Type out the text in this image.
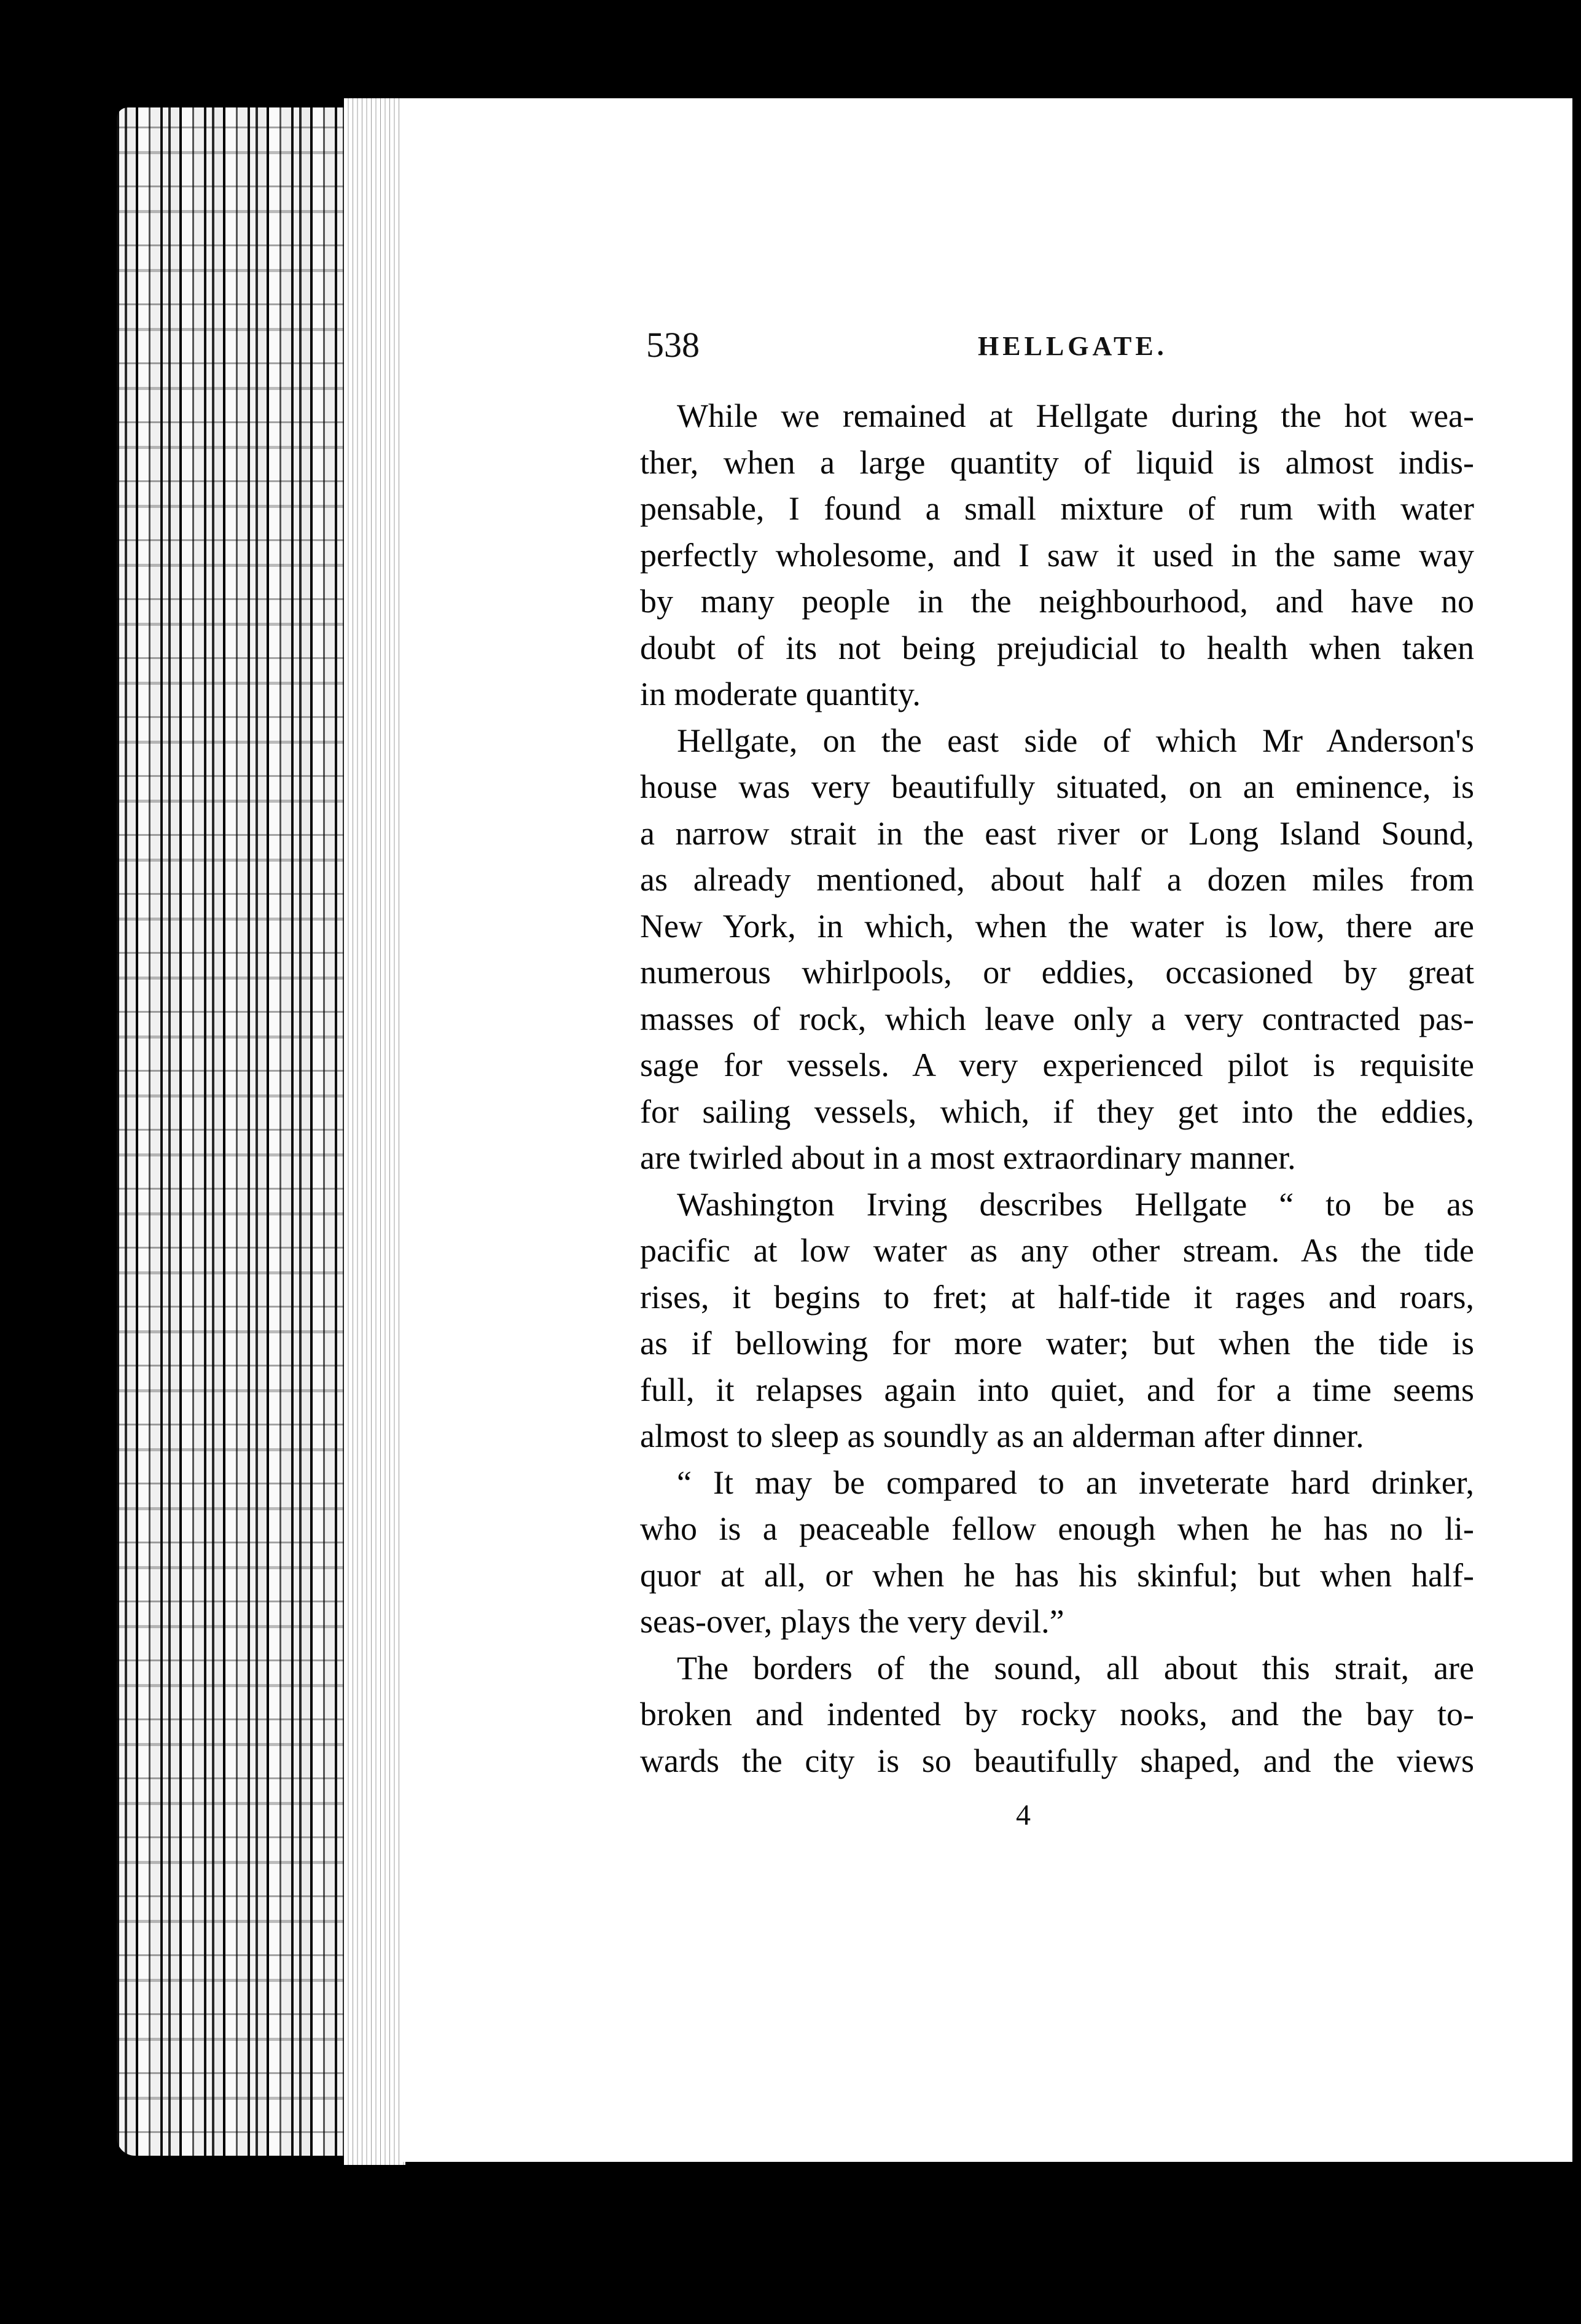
538	HELLGATE.
While we remained at Hellgate during the hot wea-
ther, when a large quantity of liquid is almost indis-
pensable, I found a small mixture of rum with water
perfectly wholesome, and I saw it used in the same way
by many people in the neighbourhood, and have no
doubt of its not being prejudicial to health when taken
in moderate quantity.
Hellgate, on the east side of which Mr Anderson's
house was very beautifully situated, on an eminence, is
a narrow strait in the east river or Long Island Sound,
as already mentioned, about half a dozen miles from
New York, in which, when the water is low, there are
numerous whirlpools, or eddies, occasioned by great
masses of rock, which leave only a very contracted pas-
sage for vessels. A very experienced pilot is requisite
for sailing vessels, which, if they get into the eddies,
are twirled about in a most extraordinary manner.
Washington Irving describes Hellgate “ to be as
pacific at low water as any other stream. As the tide
rises, it begins to fret; at half-tide it rages and roars,
as if bellowing for more water; but when the tide is
full, it relapses again into quiet, and for a time seems
almost to sleep as soundly as an alderman after dinner.
“ It may be compared to an inveterate hard drinker,
who is a peaceable fellow enough when he has no li-
quor at all, or when he has his skinful; but when half-
seas-over, plays the very devil.”
The borders of the sound, all about this strait, are
broken and indented by rocky nooks, and the bay to-
wards the city is so beautifully shaped, and the views
4
